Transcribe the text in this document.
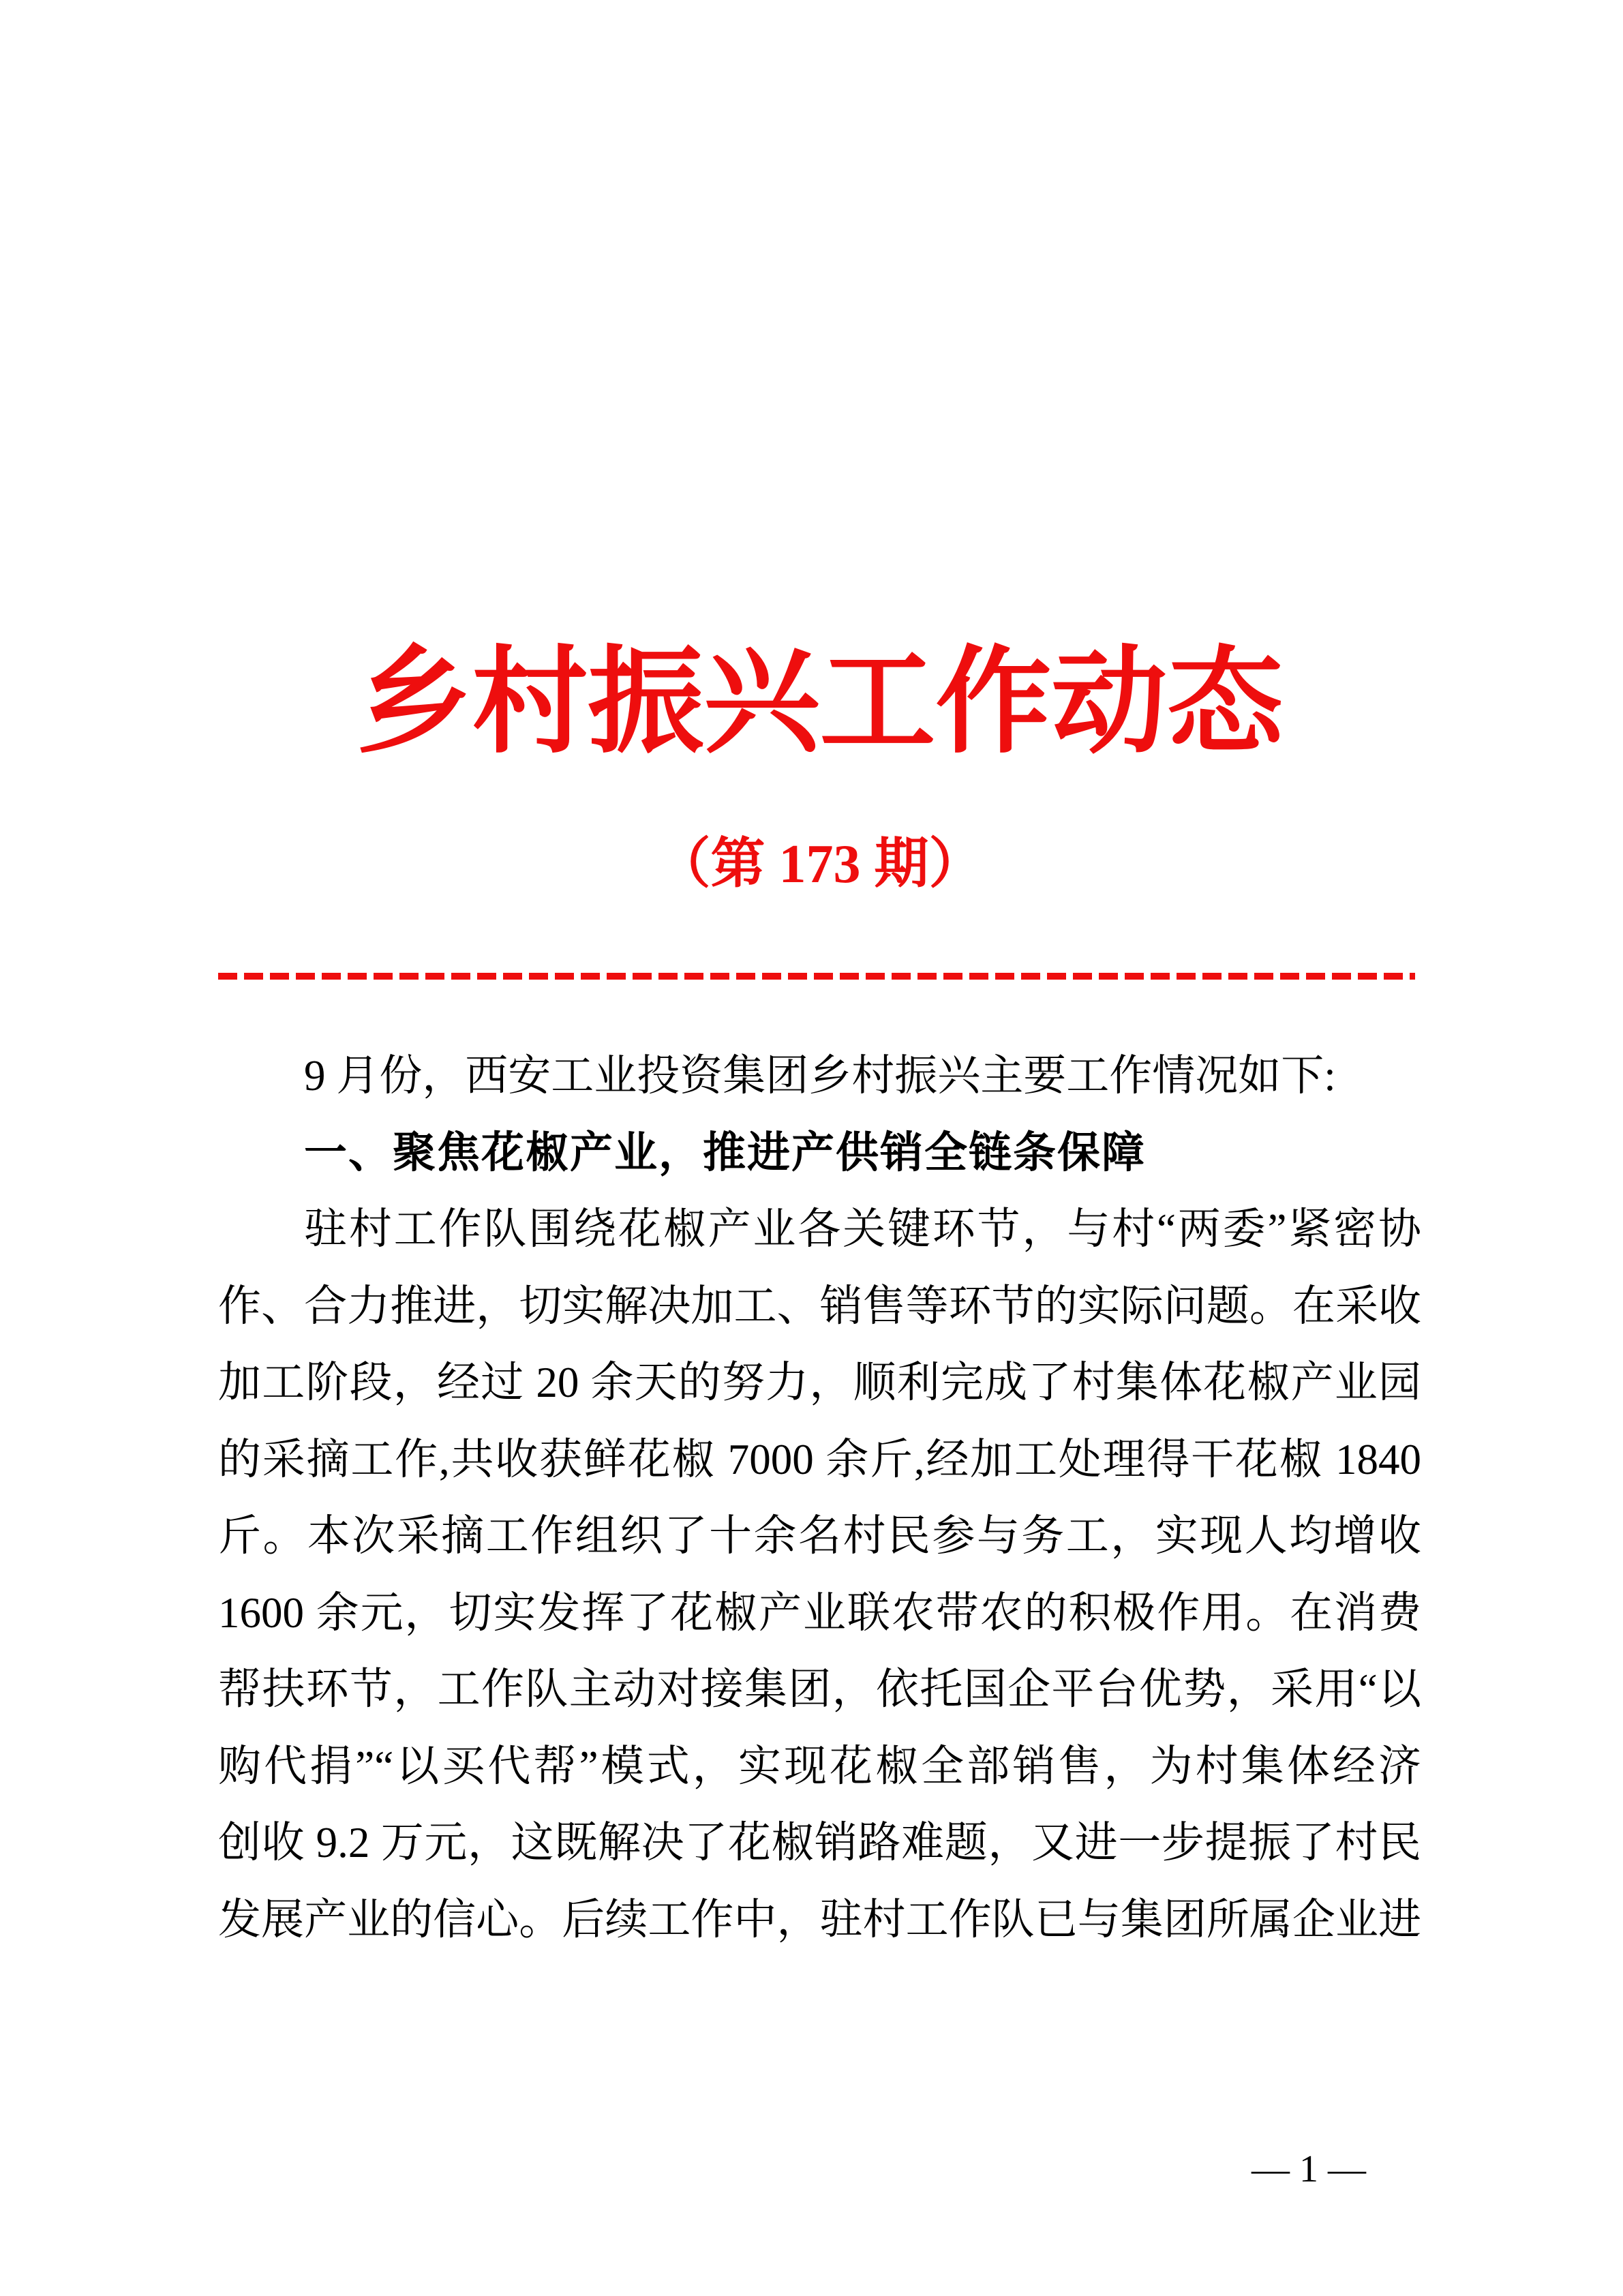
乡村振兴工作动态
（第 173 期）
9 月份，西安工业投资集团乡村振兴主要工作情况如下:
一、聚焦花椒产业，推进产供销全链条保障
驻村工作队围绕花椒产业各关键环节，与村“两委”紧密协
作、合力推进，切实解决加工、销售等环节的实际问题。在采收
加工阶段，经过 20 余天的努力，顺利完成了村集体花椒产业园
的采摘工作,共收获鲜花椒 7000 余斤,经加工处理得干花椒 1840
斤。本次采摘工作组织了十余名村民参与务工，实现人均增收
1600 余元，切实发挥了花椒产业联农带农的积极作用。在消费
帮扶环节，工作队主动对接集团，依托国企平台优势，采用“以
购代捐”“以买代帮”模式，实现花椒全部销售，为村集体经济
创收 9.2 万元，这既解决了花椒销路难题，又进一步提振了村民
发展产业的信心。后续工作中，驻村工作队已与集团所属企业进
— 1 —
